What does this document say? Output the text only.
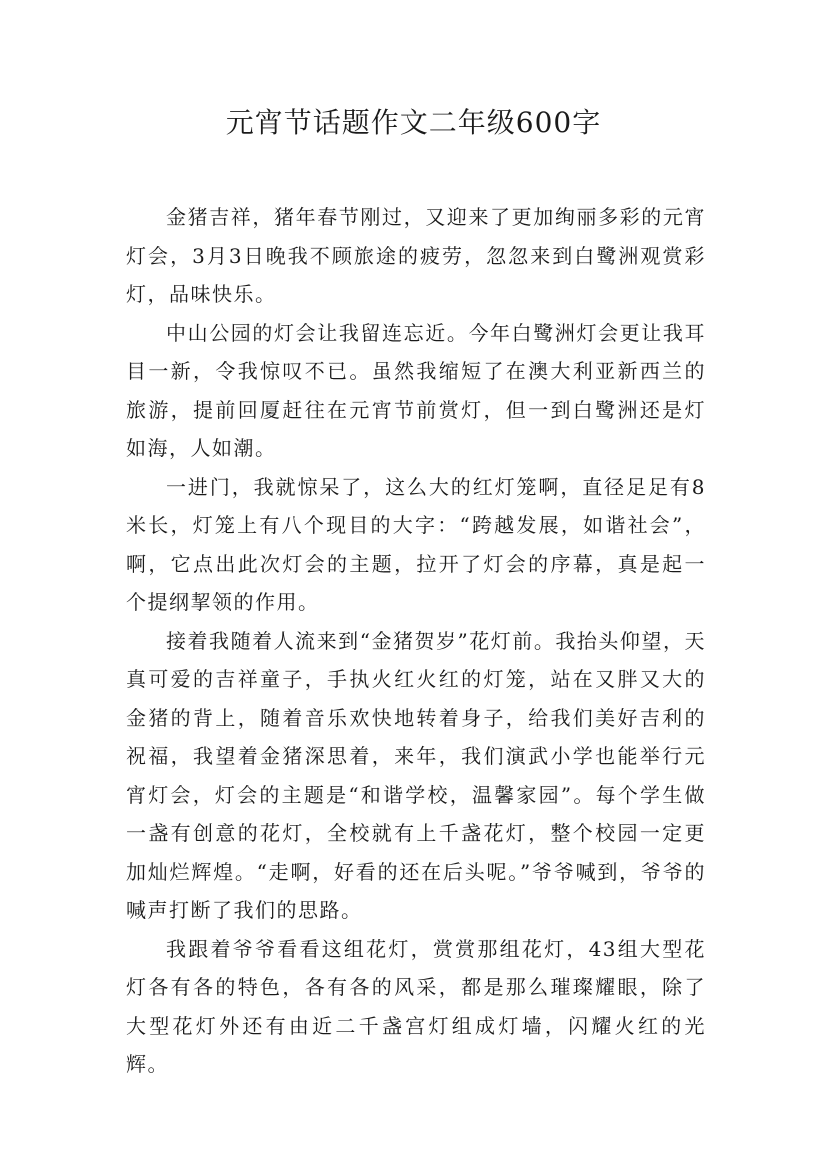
元宵节话题作文二年级600字

金猪吉祥，猪年春节刚过，又迎来了更加绚丽多彩的元宵灯会，3月3日晚我不顾旅途的疲劳，忽忽来到白鹭洲观赏彩灯，品味快乐。

中山公园的灯会让我留连忘近。今年白鹭洲灯会更让我耳目一新，令我惊叹不已。虽然我缩短了在澳大利亚新西兰的旅游，提前回厦赶往在元宵节前赏灯，但一到白鹭洲还是灯如海，人如潮。

一进门，我就惊呆了，这么大的红灯笼啊，直径足足有8米长，灯笼上有八个现目的大字：“跨越发展，如谐社会”，啊，它点出此次灯会的主题，拉开了灯会的序幕，真是起一个提纲挈领的作用。

接着我随着人流来到“金猪贺岁”花灯前。我抬头仰望，天真可爱的吉祥童子，手执火红火红的灯笼，站在又胖又大的金猪的背上，随着音乐欢快地转着身子，给我们美好吉利的祝福，我望着金猪深思着，来年，我们演武小学也能举行元宵灯会，灯会的主题是“和谐学校，温馨家园”。每个学生做一盏有创意的花灯，全校就有上千盏花灯，整个校园一定更加灿烂辉煌。“走啊，好看的还在后头呢。”爷爷喊到，爷爷的喊声打断了我们的思路。

我跟着爷爷看看这组花灯，赏赏那组花灯，43组大型花灯各有各的特色，各有各的风采，都是那么璀璨耀眼，除了大型花灯外还有由近二千盏宫灯组成灯墙，闪耀火红的光辉。
